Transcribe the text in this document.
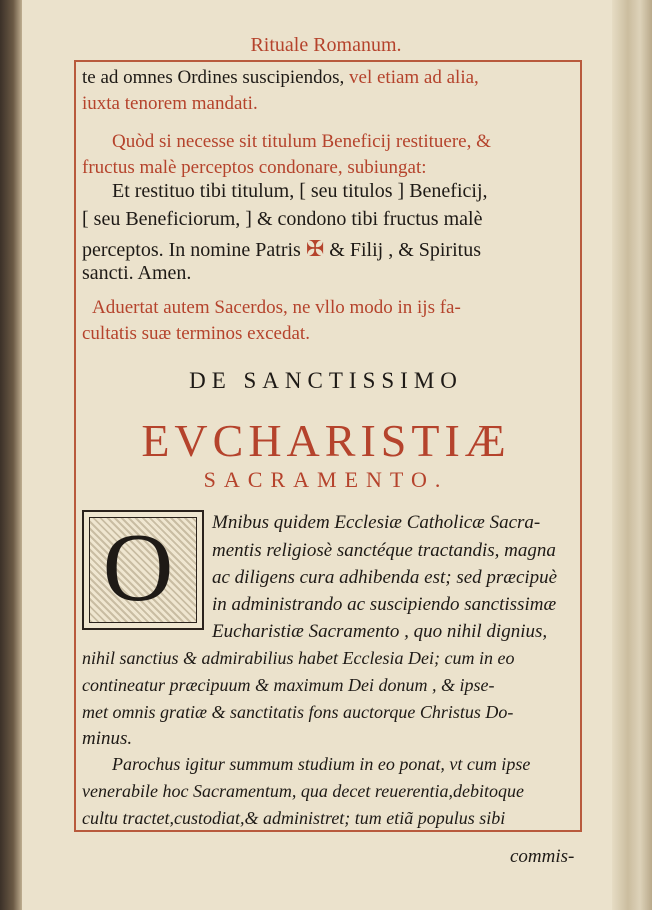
Rituale Romanum.
te ad omnes Ordines suscipiendos, vel etiam ad alia,
iuxta tenorem mandati.
Quòd si necesse sit titulum Beneficij restituere, &
fructus malè perceptos condonare, subiungat:
Et restituo tibi titulum, [ seu titulos ] Beneficij,
[ seu Beneficiorum, ] & condono tibi fructus malè
perceptos. In nomine Patris ✠ & Filij , & Spiritus
sancti. Amen.
Aduertat autem Sacerdos, ne vllo modo in ijs fa-
cultatis suæ terminos excedat.
DE SANCTISSIMO
EVCHARISTIÆ
SACRAMENTO.
O	Mnibus quidem Ecclesiæ Catholicæ Sacra-
mentis religiosè sanctéque tractandis, magna
ac diligens cura adhibenda est; sed præcipuè
in administrando ac suscipiendo sanctissimæ
Eucharistiæ Sacramento , quo nihil dignius,
nihil sanctius & admirabilius habet Ecclesia Dei; cum in eo
contineatur præcipuum & maximum Dei donum , & ipse-
met omnis gratiæ & sanctitatis fons auctorque Christus Do-
minus.
Parochus igitur summum studium in eo ponat, vt cum ipse
venerabile hoc Sacramentum, qua decet reuerentia,debitoque
cultu tractet,custodiat,& administret; tum etiã populus sibi
commis-
